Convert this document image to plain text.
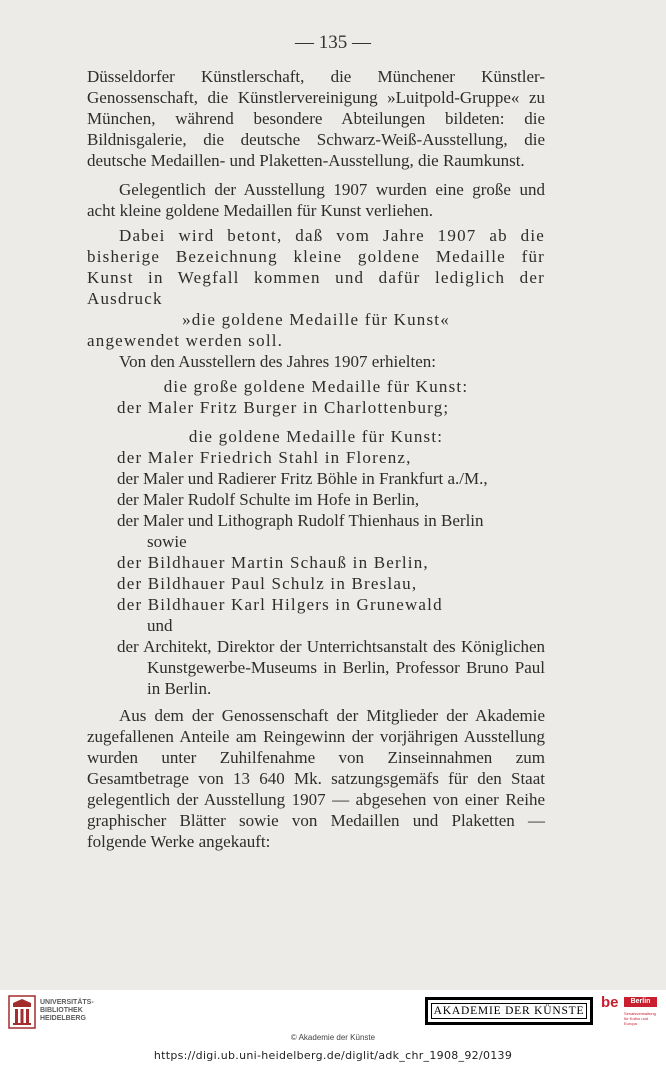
— 135 —

Düsseldorfer Künstlerschaft, die Münchener Künstler-Genossenschaft, die Künstlervereinigung »Luitpold-Gruppe« zu München, während besondere Abteilungen bildeten: die Bildnisgalerie, die deutsche Schwarz-Weiß-Ausstellung, die deutsche Medaillen- und Plaketten-Ausstellung, die Raumkunst.

Gelegentlich der Ausstellung 1907 wurden eine große und acht kleine goldene Medaillen für Kunst verliehen.

Dabei wird betont, daß vom Jahre 1907 ab die bisherige Bezeichnung kleine goldene Medaille für Kunst in Wegfall kommen und dafür lediglich der Ausdruck

»die goldene Medaille für Kunst«

angewendet werden soll.

Von den Ausstellern des Jahres 1907 erhielten:

die große goldene Medaille für Kunst:

der Maler Fritz Burger in Charlottenburg;

die goldene Medaille für Kunst:

der Maler Friedrich Stahl in Florenz,

der Maler und Radierer Fritz Böhle in Frankfurt a./M.,

der Maler Rudolf Schulte im Hofe in Berlin,

der Maler und Lithograph Rudolf Thienhaus in Berlin

sowie

der Bildhauer Martin Schauß in Berlin,

der Bildhauer Paul Schulz in Breslau,

der Bildhauer Karl Hilgers in Grunewald

und

der Architekt, Direktor der Unterrichtsanstalt des Königlichen Kunstgewerbe-Museums in Berlin, Professor Bruno Paul in Berlin.

Aus dem der Genossenschaft der Mitglieder der Akademie zugefallenen Anteile am Reingewinn der vorjährigen Ausstellung wurden unter Zuhilfenahme von Zinseinnahmen zum Gesamtbetrage von 13 640 Mk. satzungsgemäfs für den Staat gelegentlich der Ausstellung 1907 — abgesehen von einer Reihe graphischer Blätter sowie von Medaillen und Plaketten — folgende Werke angekauft:

UNIVERSITÄTS-
BIBLIOTHEK
HEIDELBERG
AKADEMIE DER KÜNSTE be	Berlin
Senatsverwaltung für Kultur und Europa
© Akademie der Künste
https://digi.ub.uni-heidelberg.de/diglit/adk_chr_1908_92/0139
